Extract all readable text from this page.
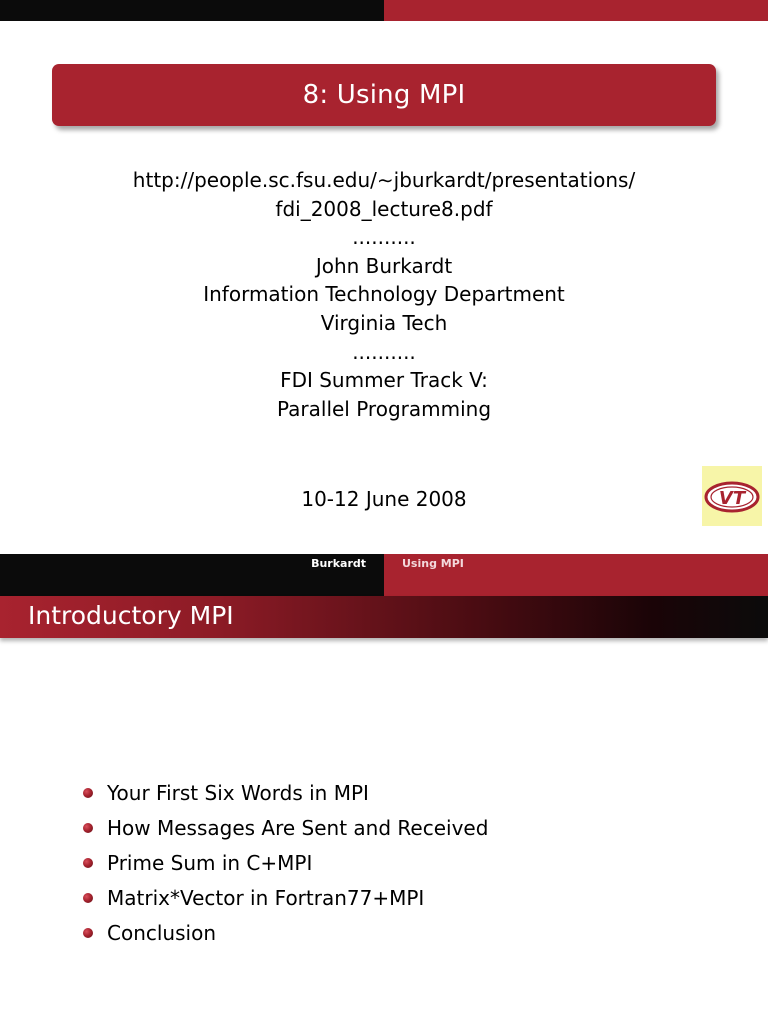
8: Using MPI
http://people.sc.fsu.edu/∼jburkardt/presentations/
fdi_2008_lecture8.pdf
..........
John Burkardt
Information Technology Department
Virginia Tech
..........
FDI Summer Track V:
Parallel Programming
10-12 June 2008	VT
Burkardt	Using MPI
Introductory MPI
Your First Six Words in MPI
How Messages Are Sent and Received
Prime Sum in C+MPI
Matrix*Vector in Fortran77+MPI
Conclusion
